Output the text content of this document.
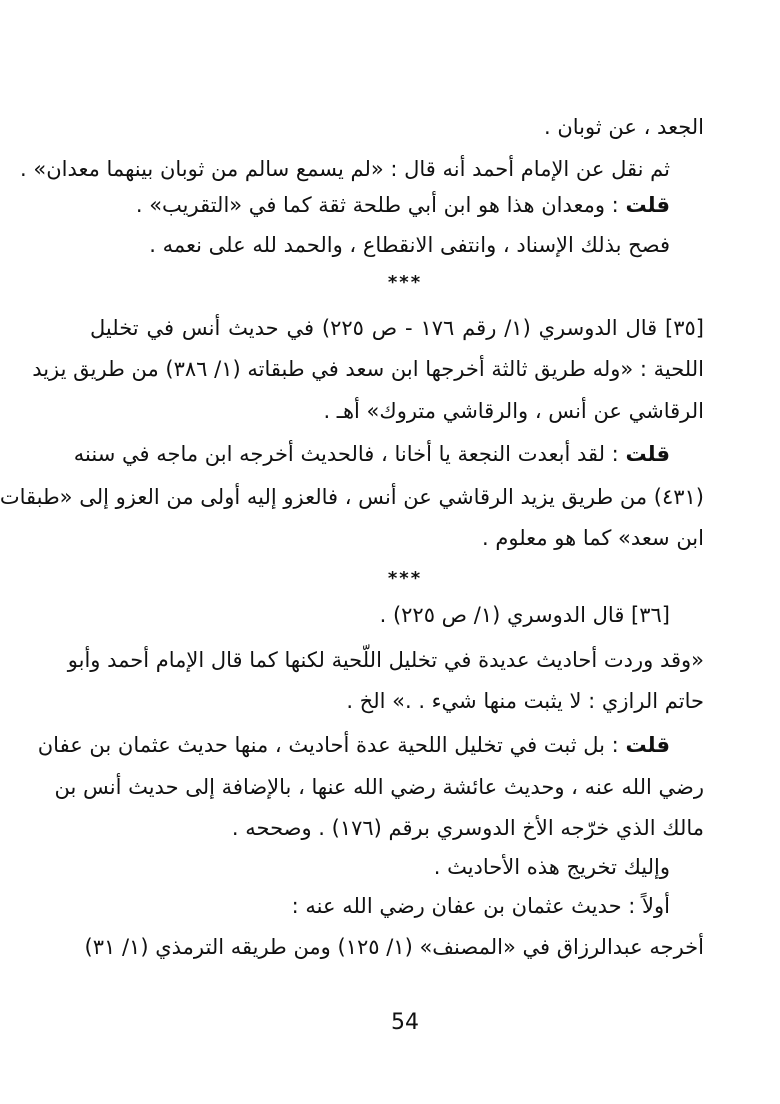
الجعد ، عن ثوبان .

ثم نقل عن الإمام أحمد أنه قال : «لم يسمع سالم من ثوبان بينهما معدان» .

قلت : ومعدان هذا هو ابن أبي طلحة ثقة كما في «التقريب» .

فصح بذلك الإسناد ، وانتفى الانقطاع ، والحمد لله على نعمه .

***

[٣٥] قال الدوسري (١/ رقم ١٧٦ - ص ٢٢٥) في حديث أنس في تخليل

اللحية : «وله طريق ثالثة أخرجها ابن سعد في طبقاته (١/ ٣٨٦) من طريق يزيد

الرقاشي عن أنس ، والرقاشي متروك» أهـ .

قلت : لقد أبعدت النجعة يا أخانا ، فالحديث أخرجه ابن ماجه في سننه

(٤٣١) من طريق يزيد الرقاشي عن أنس ، فالعزو إليه أولى من العزو إلى «طبقات

ابن سعد» كما هو معلوم .

***

[٣٦] قال الدوسري (١/ ص ٢٢٥) .

«وقد وردت أحاديث عديدة في تخليل اللّحية لكنها كما قال الإمام أحمد وأبو

حاتم الرازي : لا يثبت منها شيء . .» الخ .

قلت : بل ثبت في تخليل اللحية عدة أحاديث ، منها حديث عثمان بن عفان

رضي الله عنه ، وحديث عائشة رضي الله عنها ، بالإضافة إلى حديث أنس بن

مالك الذي خرّجه الأخ الدوسري برقم (١٧٦) . وصححه .

وإليك تخريج هذه الأحاديث .

أولاً : حديث عثمان بن عفان رضي الله عنه :

أخرجه عبدالرزاق في «المصنف» (١/ ١٢٥) ومن طريقه الترمذي (١/ ٣١)

54
